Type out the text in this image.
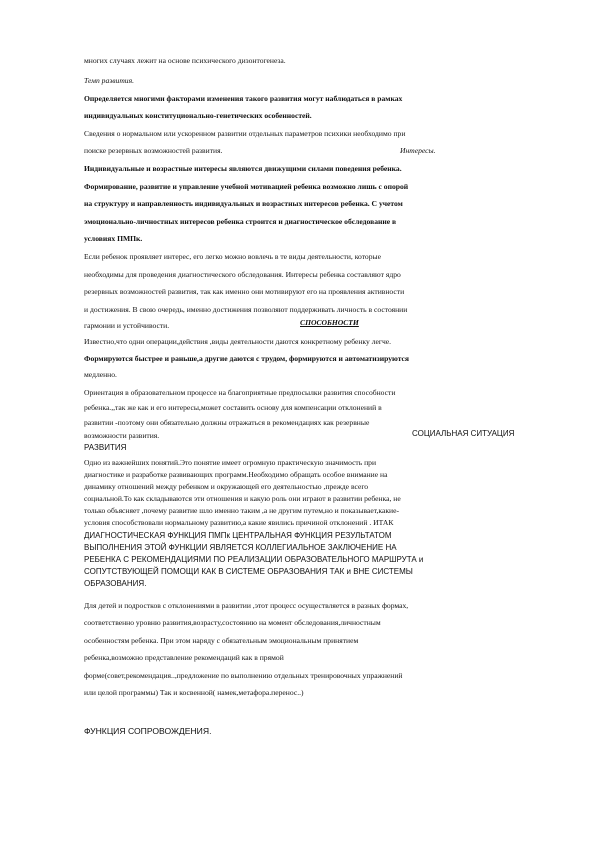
многих случаях лежит на основе психического дизонтогенеза.
Темп развития.
Определяется многими факторами изменения такого развития могут наблюдаться в рамках
индивидуальных конституционально-генетических особенностей.
Сведения о нормальном или ускоренном развитии отдельных параметров психики необходимо при
поиске резервных возможностей развития.	Интересы.
Индивидуальные и возрастные интересы являются движущими силами поведения ребенка.
Формирование, развитие и управление учебной мотивацией ребенка возможно лишь с опорой
на структуру и направленность индивидуальных и возрастных интересов ребенка. С учетом
эмоционально-личностных интересов ребенка строится и диагностическое обследование в
условиях ПМПк.
Если ребенок проявляет интерес, его легко можно вовлечь в те виды деятельности, которые
необходимы для проведения диагностического обследования. Интересы ребенка составляют ядро
резервных возможностей развития, так как именно они мотивируют его на проявления активности
и достижения. В свою очередь, именно достижения позволяют поддерживать личность в состоянии
гармонии и устойчивости.	СПОСОБНОСТИ
Известно,что одни операции,действия ,виды деятельности даются конкретному ребенку легче.
Формируются быстрее и раньше,а другие даются с трудом, формируются и автоматизируются
медленно.
Ориентация в образовательном процессе на благоприятные предпосылки развития способности
ребенка.,,так же как и его интересы,может составить основу для компенсации отклонений в
развитии -поэтому они обязательно должны отражаться в рекомендациях как резервные
возможности развития.	СОЦИАЛЬНАЯ СИТУАЦИЯ
РАЗВИТИЯ
Одно из важнейших понятий.Это понятие имеет огромную практическую значимость при
диагностике и разработке развивающих программ.Необходимо обращать особое внимание на
динамику отношений между ребенком и окружающей его деятельностью ,прежде всего
социальной.То как складываются эти отношения и какую роль они играют в развитии ребенка, не
только объясняет ,почему развитие шло именно таким ,а не другим путем,но и показывает,какие-
условия способствовали нормальному развитию,а какие явились причиной отклонений . ИТАК
ДИАГНОСТИЧЕСКАЯ ФУНКЦИЯ ПМПк ЦЕНТРАЛЬНАЯ ФУНКЦИЯ РЕЗУЛЬТАТОМ
ВЫПОЛНЕНИЯ ЭТОЙ ФУНКЦИИ ЯВЛЯЕТСЯ КОЛЛЕГИАЛЬНОЕ ЗАКЛЮЧЕНИЕ НА
РЕБЕНКА С РЕКОМЕНДАЦИЯМИ ПО РЕАЛИЗАЦИИ ОБРАЗОВАТЕЛЬНОГО МАРШРУТА и
СОПУТСТВУЮЩЕЙ ПОМОЩИ КАК В СИСТЕМЕ ОБРАЗОВАНИЯ ТАК и ВНЕ СИСТЕМЫ
ОБРАЗОВАНИЯ.
Для детей и подростков с отклонениями в развитии ,этот процесс осуществляется в разных формах,
соответственно уровню развития,возрасту,состоянию на момент обследования,личностным
особенностям ребенка. При этом наряду с обязательным эмоциональным принятием
ребенка,возможно представление рекомендаций как в прямой
форме(совет,рекомендация..,предложение по выполнению отдельных тренировочных упражнений
или целой программы) Так и косвенной( намек,метафора.перенос..)
ФУНКЦИЯ СОПРОВОЖДЕНИЯ.
